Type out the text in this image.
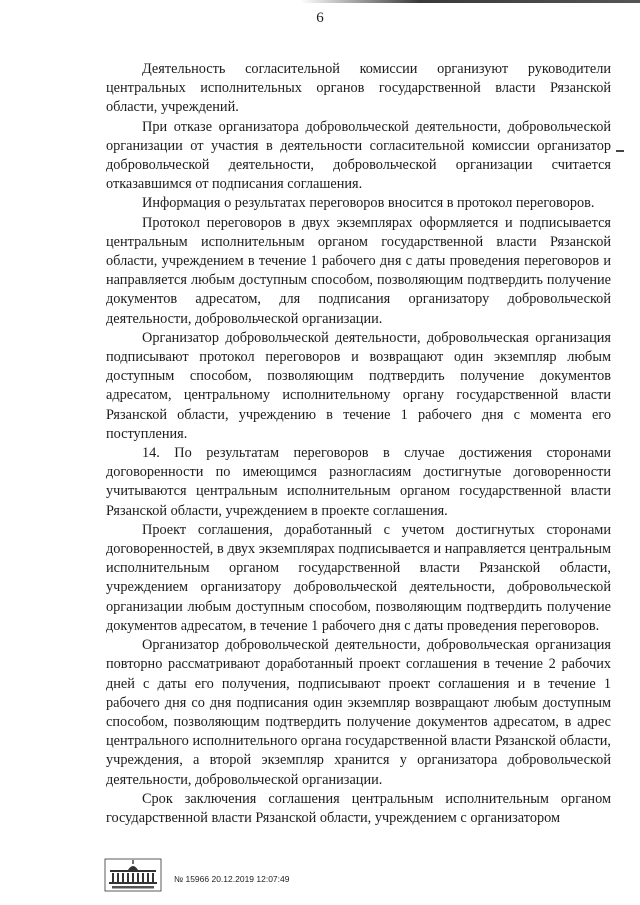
6

Деятельность согласительной комиссии организуют руководители центральных исполнительных органов государственной власти Рязанской области, учреждений.

При отказе организатора добровольческой деятельности, добровольческой организации от участия в деятельности согласительной комиссии организатор добровольческой деятельности, добровольческой организации считается отказавшимся от подписания соглашения.

Информация о результатах переговоров вносится в протокол переговоров.

Протокол переговоров в двух экземплярах оформляется и подписывается центральным исполнительным органом государственной власти Рязанской области, учреждением в течение 1 рабочего дня с даты проведения переговоров и направляется любым доступным способом, позволяющим подтвердить получение документов адресатом, для подписания организатору добровольческой деятельности, добровольческой организации.

Организатор добровольческой деятельности, добровольческая организация подписывают протокол переговоров и возвращают один экземпляр любым доступным способом, позволяющим подтвердить получение документов адресатом, центральному исполнительному органу государственной власти Рязанской области, учреждению в течение 1 рабочего дня с момента его поступления.

14. По результатам переговоров в случае достижения сторонами договоренности по имеющимся разногласиям достигнутые договоренности учитываются центральным исполнительным органом государственной власти Рязанской области, учреждением в проекте соглашения.

Проект соглашения, доработанный с учетом достигнутых сторонами договоренностей, в двух экземплярах подписывается и направляется центральным исполнительным органом государственной власти Рязанской области, учреждением организатору добровольческой деятельности, добровольческой организации любым доступным способом, позволяющим подтвердить получение документов адресатом, в течение 1 рабочего дня с даты проведения переговоров.

Организатор добровольческой деятельности, добровольческая организация повторно рассматривают доработанный проект соглашения в течение 2 рабочих дней с даты его получения, подписывают проект соглашения и в течение 1 рабочего дня со дня подписания один экземпляр возвращают любым доступным способом, позволяющим подтвердить получение документов адресатом, в адрес центрального исполнительного органа государственной власти Рязанской области, учреждения, а второй экземпляр хранится у организатора добровольческой деятельности, добровольческой организации.

Срок заключения соглашения центральным исполнительным органом государственной власти Рязанской области, учреждением с организатором

№ 15966 20.12.2019 12:07:49
